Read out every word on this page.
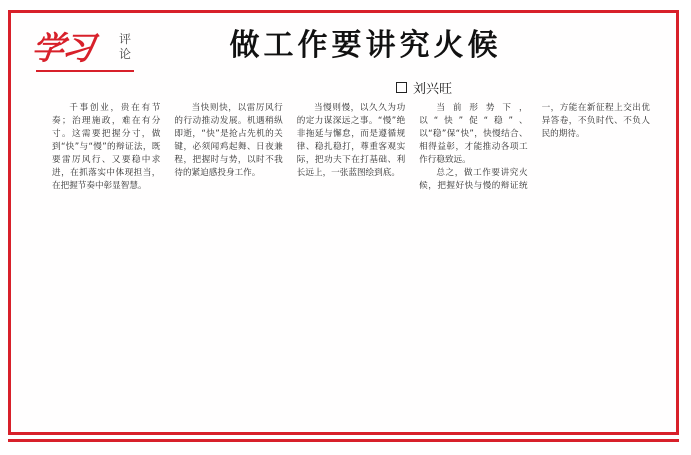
学习 评论	做工作要讲究火候
刘兴旺

千事创业，贵在有节奏；治理施政，难在有分寸。这需要把握分寸，做到“快”与“慢”的辩证法，既要雷厉风行、又要稳中求进，在抓落实中体现担当，在把握节奏中彰显智慧。

当快则快，以雷厉风行的行动推动发展。机遇稍纵即逝，“快”是抢占先机的关键，必须闻鸡起舞、日夜兼程，把握时与势，以时不我待的紧迫感投身工作。

当慢则慢，以久久为功的定力谋深远之事。“慢”绝非拖延与懈怠，而是遵循规律、稳扎稳打，尊重客观实际，把功夫下在打基础、利长远上，一张蓝图绘到底。

当前形势下，以“快”促“稳”、以“稳”保“快”，快慢结合、相得益彰，才能推动各项工作行稳致远。

总之，做工作要讲究火候，把握好快与慢的辩证统一，方能在新征程上交出优异答卷，不负时代、不负人民的期待。
